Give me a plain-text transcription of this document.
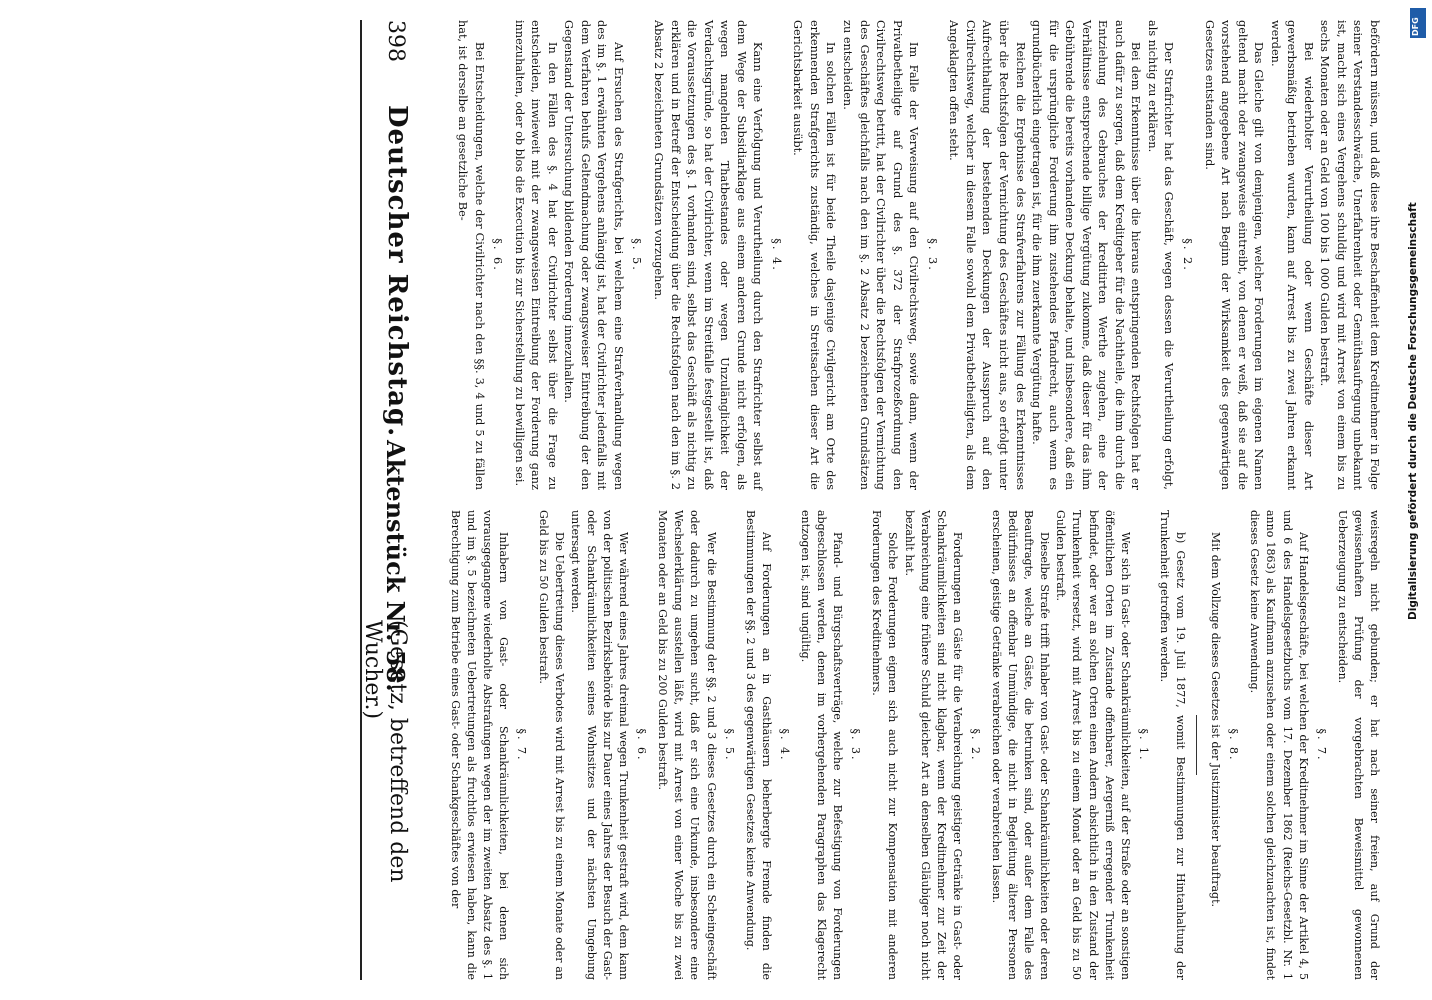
398
Deutscher Reichstag.
Aktenstück Nr. 58.
(Gesetz, betreffend den Wucher.)

befördern müssen, und daß diese ihre Beschaffenheit dem Kreditnehmer in Folge seiner Verstandesschwäche, Unerfahrenheit oder Gemüthsaufregung unbekannt ist, macht sich eines Vergehens schuldig und wird mit Arrest von einem bis zu sechs Monaten oder an Geld von 100 bis 1 000 Gulden bestraft.

Bei wiederholter Verurtheilung oder wenn Geschäfte dieser Art gewerbsmäßig betrieben wurden, kann auf Arrest bis zu zwei Jahren erkannt werden.

Das Gleiche gilt von demjenigen, welcher Forderungen im eigenen Namen geltend macht oder zwangsweise eintreibt, von denen er weiß, daß sie auf die vorstehend angegebene Art nach Beginn der Wirksamkeit des gegenwärtigen Gesetzes entstanden sind.

§. 2.

Der Strafrichter hat das Geschäft, wegen dessen die Verurtheilung erfolgt, als nichtig zu erklären.

Bei dem Erkenntnisse über die hieraus entspringenden Rechtsfolgen hat er auch dafür zu sorgen, daß dem Kreditgeber für die Nachtheile, die ihm durch die Entziehung des Gebrauches der kreditirten Werthe zugehen, eine der Verhältnisse entsprechende billige Vergütung zukomme, daß dieser für das ihm Gebührende die bereits vorhandene Deckung behalte, und insbesondere, daß ein für die ursprüngliche Forderung ihm zustehendes Pfandrecht, auch wenn es grundbücherlich eingetragen ist, für die ihm zuerkannte Vergütung hafte.

Reichen die Ergebnisse des Strafverfahrens zur Fällung des Erkenntnisses über die Rechtsfolgen der Vernichtung des Geschäftes nicht aus, so erfolgt unter Aufrechthaltung der bestehenden Deckungen der Ausspruch auf den Civilrechtsweg, welcher in diesem Falle sowohl dem Privatbetheiligten, als dem Angeklagten offen steht.

§. 3.

Im Falle der Verweisung auf den Civilrechtsweg, sowie dann, wenn der Privatbetheiligte auf Grund des §. 372 der Strafprozeßordnung den Civilrechtsweg betritt, hat der Civilrichter über die Rechtsfolgen der Vernichtung des Geschäftes gleichfalls nach den im §. 2 Absatz 2 bezeichneten Grundsätzen zu entscheiden.

In solchen Fällen ist für beide Theile dasjenige Civilgericht am Orte des erkennenden Strafgerichts zuständig, welches in Streitsachen dieser Art die Gerichtsbarkeit ausübt.

§. 4.

Kann eine Verfolgung und Verurtheilung durch den Strafrichter selbst auf dem Wege der Subsidiarklage aus einem anderen Grunde nicht erfolgen, als wegen mangelnden Thatbestandes oder wegen Unzulänglichkeit der Verdachtsgründe, so hat der Civilrichter, wenn im Streitfalle festgestellt ist, daß die Voraussetzungen des §. 1 vorhanden sind, selbst das Geschäft als nichtig zu erklären und in Betreff der Entscheidung über die Rechtsfolgen nach den im §. 2 Absatz 2 bezeichneten Grundsätzen vorzugehen.

§. 5.

Auf Ersuchen des Strafgerichts, bei welchem eine Strafverhandlung wegen des im §. 1 erwähnten Vergehens anhängig ist, hat der Civilrichter jedenfalls mit dem Verfahren behufs Geltendmachung oder zwangsweiser Eintreibung der den Gegenstand der Untersuchung bildenden Forderung innezuhalten.

In den Fällen des §. 4 hat der Civilrichter selbst über die Frage zu entscheiden, inwieweit mit der zwangsweisen Eintreibung der Forderung ganz innezuhalten, oder ob blos die Execution bis zur Sicherstellung zu bewilligen sei.

§. 6.

Bei Entscheidungen, welche der Civilrichter nach den §§. 3, 4 und 5 zu fällen hat, ist derselbe an gesetzliche Be-

weisregeln nicht gebunden; er hat nach seiner freien, auf Grund der gewissenhaften Prüfung der vorgebrachten Beweismittel gewonnenen Ueberzeugung zu entscheiden.

§. 7.

Auf Handelsgeschäfte, bei welchen der Kreditnehmer im Sinne der Artikel 4, 5 und 6 des Handelsgesetzbuchs vom 17. Dezember 1862 (Reichs-Gesetzbl. Nr. 1 anno 1863) als Kaufmann anzusehen oder einem solchen gleichzuachten ist, findet dieses Gesetz keine Anwendung.

§. 8.

Mit dem Vollzuge dieses Gesetzes ist der Justizminister beauftragt.

b) Gesetz vom 19. Juli 1877, womit Bestimmungen zur Hintanhaltung der Trunkenheit getroffen werden.

§. 1.

Wer sich in Gast- oder Schankräumlichkeiten, auf der Straße oder an sonstigen öffentlichen Orten im Zustande offenbarer, Aergerniß erregender Trunkenheit befindet, oder wer an solchen Orten einen Andern absichtlich in den Zustand der Trunkenheit versetzt, wird mit Arrest bis zu einem Monat oder an Geld bis zu 50 Gulden bestraft.

Dieselbe Strafe trifft Inhaber von Gast- oder Schankräumlichkeiten oder deren Beauftragte, welche an Gäste, die betrunken sind, oder außer dem Falle des Bedürfnisses an offenbar Unmündige, die nicht in Begleitung älterer Personen erscheinen, geistige Getränke verabreichen oder verabreichen lassen.

§. 2.

Forderungen an Gäste für die Verabreichung geistiger Getränke in Gast- oder Schankräumlichkeiten sind nicht klagbar, wenn der Kreditnehmer zur Zeit der Verabreichung eine frühere Schuld gleicher Art an denselben Gläubiger noch nicht bezahlt hat.

Solche Forderungen eignen sich auch nicht zur Kompensation mit anderen Forderungen des Kreditnehmers.

§. 3.

Pfand- und Bürgschaftsverträge, welche zur Befestigung von Forderungen abgeschlossen werden, denen im vorhergehenden Paragraphen das Klagerecht entzogen ist, sind ungültig.

§. 4.

Auf Forderungen an in Gasthäusern beherbergte Fremde finden die Bestimmungen der §§. 2 und 3 des gegenwärtigen Gesetzes keine Anwendung.

§. 5.

Wer die Bestimmung der §§. 2 und 3 dieses Gesetzes durch ein Scheingeschäft oder dadurch zu umgehen sucht, daß er sich eine Urkunde, insbesondere eine Wechselerklärung ausstellen läßt, wird mit Arrest von einer Woche bis zu zwei Monaten oder an Geld bis zu 200 Gulden bestraft.

§. 6.

Wer während eines Jahres dreimal wegen Trunkenheit gestraft wird, dem kann von der politischen Bezirksbehörde bis zur Dauer eines Jahres der Besuch der Gast- oder Schankräumlichkeiten seines Wohnsitzes und der nächsten Umgebung untersagt werden.

Die Uebertretung dieses Verbotes wird mit Arrest bis zu einem Monate oder an Geld bis zu 50 Gulden bestraft.

§. 7.

Inhabern von Gast- oder Schankräumlichkeiten, bei denen sich vorausgegangene wiederholte Abstrafungen wegen der im zweiten Absatz des §. 1 und im §. 5 bezeichneten Uebertretungen als fruchtlos erwiesen haben, kann die Berechtigung zum Betriebe eines Gast- oder Schankgeschäftes von der

DFG
Digitalisierung gefördert durch die Deutsche Forschungsgemeinschaft
